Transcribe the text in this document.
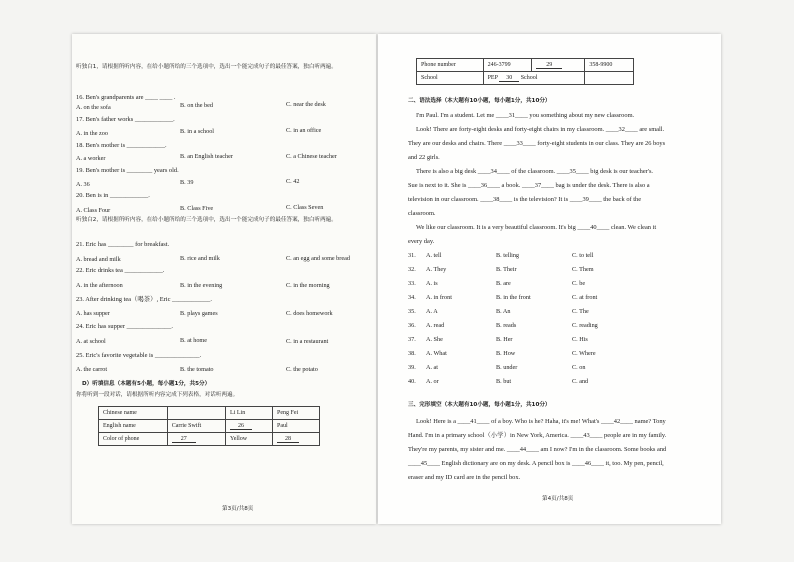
听独白1，请根据所听内容，在给小题所给的三个选项中，选出一个能完成句子的最佳答案，独白听两遍。
16. Ben's grandparents are ____ ____ .
A. on the sofa	B. on the bed	C. near the desk
17. Ben's father works ____________.
A. in the zoo	B. in a school	C. in an office
18. Ben's mother is ____________.
A. a worker	B. an English teacher	C. a Chinese teacher
19. Ben's mother is ________ years old.
A. 36	B. 39	C. 42
20. Ben is in ____________.
A. Class Four	B. Class Five	C. Class Seven
听独白2，请根据所听内容，在给小题所给的三个选项中，选出一个能完成句子的最佳答案，独白听两遍。
21. Eric has ________ for breakfast.
A. bread and milk	B. rice and milk	C. an egg and some bread
22. Eric drinks tea ____________.
A. in the afternoon	B. in the evening	C. in the morning
23. After drinking tea（喝茶）, Eric ____________.
A. has supper	B. plays games	C. does homework
24. Eric has supper ______________.
A. at school	B. at home	C. in a restaurant
25. Eric's favorite vegetable is ______________.
A. the carrot	B. the tomato	C. the potato
D）听填信息（本题有5小题，每小题1分，共5分）
你将听到一段对话，请根据所听内容完成下列表格，对话听两遍。
Chinese name		Li Lin	Peng Fei
English name	Carrie Swift	26	Paul
Color of phone	27	Yellow	28
第3页/共8页
Phone number	246-3799	29	358-9900
School	PEP 30 School		
二、语法选择（本大题有10小题，每小题1分，共10分）
I'm Paul. I'm a student. Let me ____31____ you something about my new classroom.
Look! There are forty-eight desks and forty-eight chairs in my classroom. ____32____ are small.
They are our desks and chairs. There ____33____ forty-eight students in our class. They are 26 boys
and 22 girls.
There is also a big desk ____34____ of the classroom. ____35____ big desk is our teacher's.
Sue is next to it. She is ____36____ a book. ____37____ bag is under the desk. There is also a
television in our classroom. ____38____ is the television? It is ____39____ the back of the
classroom.
We like our classroom. It is a very beautiful classroom. It's big ____40____ clean. We clean it
every day.
31. A. tell	B. telling	C. to tell
32. A. They	B. Their	C. Them
33. A. is	B. are	C. be
34. A. in front	B. in the front	C. at front
35. A. A	B. An	C. The
36. A. read	B. reads	C. reading
37. A. She	B. Her	C. His
38. A. What	B. How	C. Where
39. A. at	B. under	C. on
40. A. or	B. but	C. and
三、完形填空（本大题有10小题，每小题1分，共10分）
Look! Here is a ____41____ of a boy. Who is he? Haha, it's me! What's ____42____ name? Tony
Hand. I'm in a primary school（小学）in New York, America. ____43____ people are in my family.
They're my parents, my sister and me. ____44____ am I now? I'm in the classroom. Some books and
____45____ English dictionary are on my desk. A pencil box is ____46____ it, too. My pen, pencil,
eraser and my ID card are in the pencil box.
第4页/共8页
